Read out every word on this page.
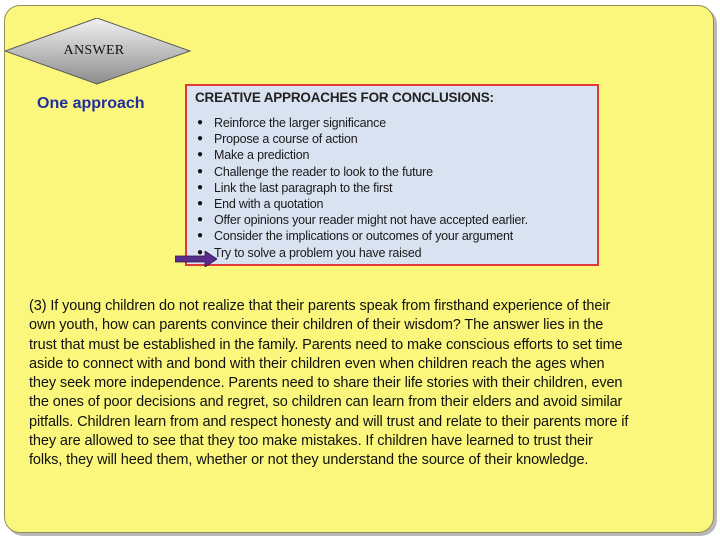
ANSWER
One approach	CREATIVE APPROACHES FOR CONCLUSIONS:
● Reinforce the larger significance
● Propose a course of action
● Make a prediction
● Challenge the reader to look to the future
● Link the last paragraph to the first
● End with a quotation
● Offer opinions your reader might not have accepted earlier.
● Consider the implications or outcomes of your argument
● Try to solve a problem you have raised
(3) If young children do not realize that their parents speak from firsthand experience of their
own youth, how can parents convince their children of their wisdom? The answer lies in the
trust that must be established in the family. Parents need to make conscious efforts to set time
aside to connect with and bond with their children even when children reach the ages when
they seek more independence. Parents need to share their life stories with their children, even
the ones of poor decisions and regret, so children can learn from their elders and avoid similar
pitfalls. Children learn from and respect honesty and will trust and relate to their parents more if
they are allowed to see that they too make mistakes. If children have learned to trust their
folks, they will heed them, whether or not they understand the source of their knowledge.
